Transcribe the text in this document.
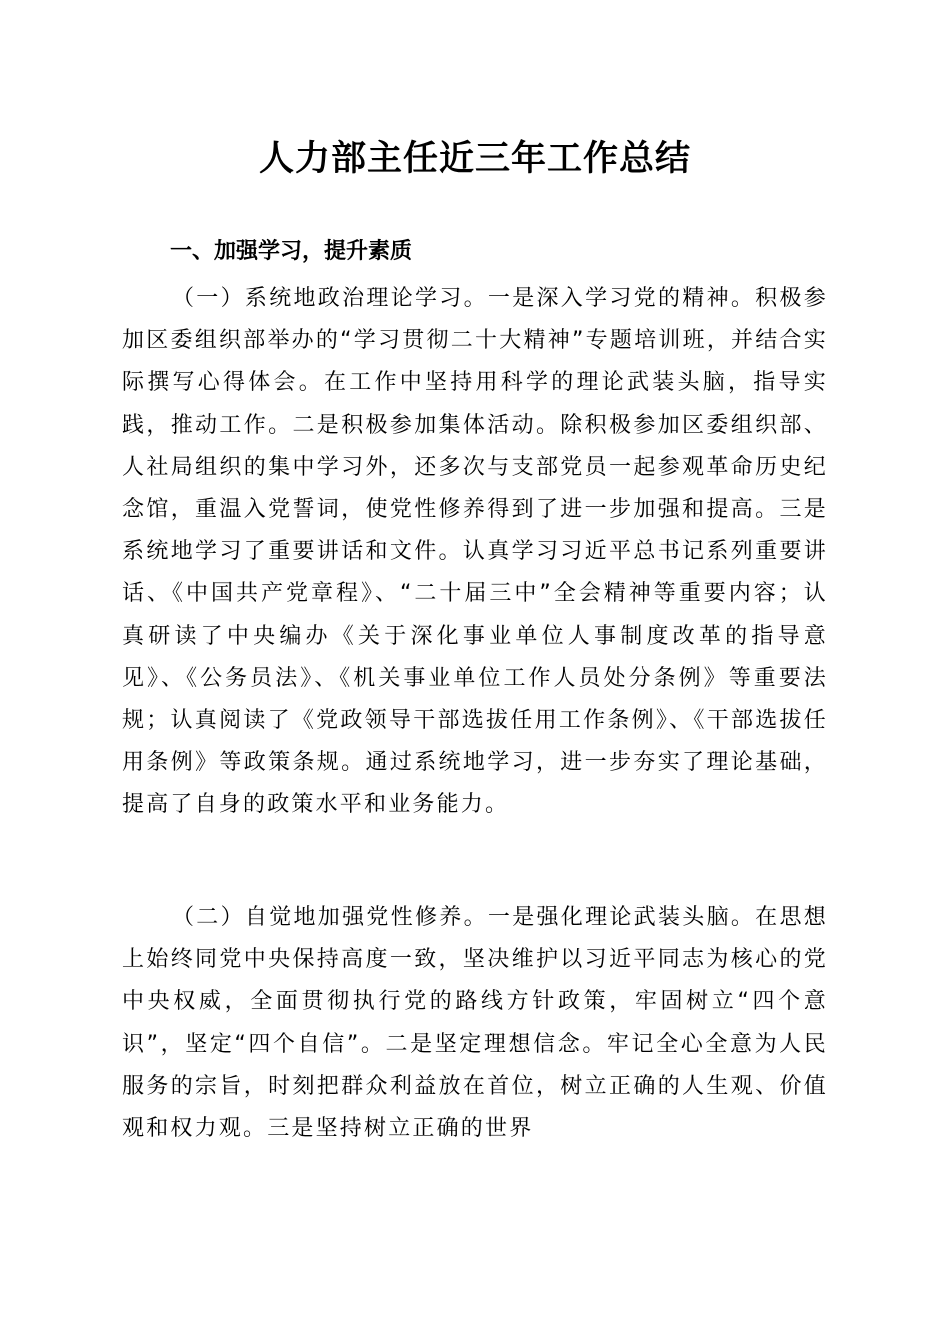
人力部主任近三年工作总结
一、加强学习，提升素质

（一）系统地政治理论学习。一是深入学习党的精神。积极参加区委组织部举办的“学习贯彻二十大精神”专题培训班，并结合实际撰写心得体会。在工作中坚持用科学的理论武装头脑，指导实践，推动工作。二是积极参加集体活动。除积极参加区委组织部、人社局组织的集中学习外，还多次与支部党员一起参观革命历史纪念馆，重温入党誓词，使党性修养得到了进一步加强和提高。三是系统地学习了重要讲话和文件。认真学习习近平总书记系列重要讲话、《中国共产党章程》、“二十届三中”全会精神等重要内容；认真研读了中央编办《关于深化事业单位人事制度改革的指导意见》、《公务员法》、《机关事业单位工作人员处分条例》等重要法规；认真阅读了《党政领导干部选拔任用工作条例》、《干部选拔任用条例》等政策条规。通过系统地学习，进一步夯实了理论基础，提高了自身的政策水平和业务能力。

（二）自觉地加强党性修养。一是强化理论武装头脑。在思想上始终同党中央保持高度一致，坚决维护以习近平同志为核心的党中央权威，全面贯彻执行党的路线方针政策，牢固树立“四个意识”，坚定“四个自信”。二是坚定理想信念。牢记全心全意为人民服务的宗旨，时刻把群众利益放在首位，树立正确的人生观、价值观和权力观。三是坚持树立正确的世界
